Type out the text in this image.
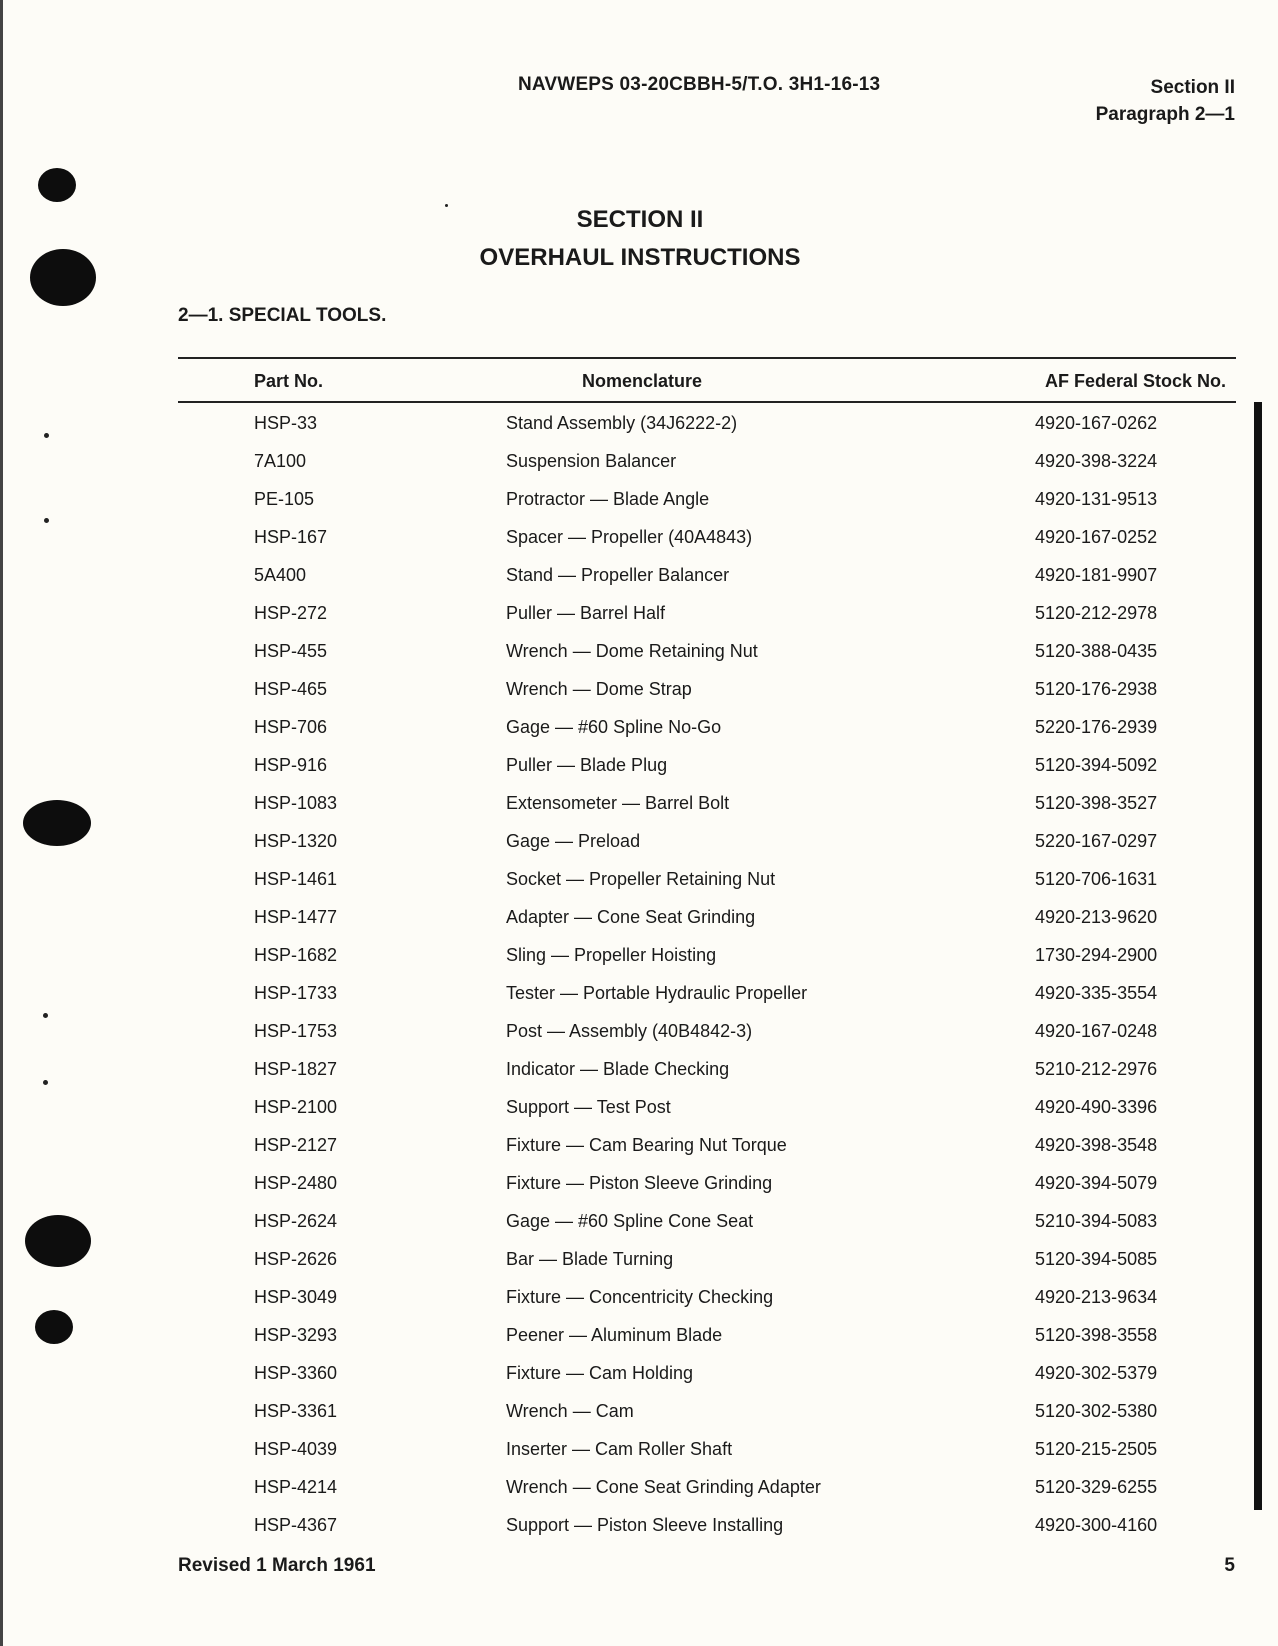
NAVWEPS 03-20CBBH-5/T.O. 3H1-16-13	Section II
Paragraph 2—1
SECTION II
OVERHAUL INSTRUCTIONS
2—1. SPECIAL TOOLS.
Part No.	Nomenclature	AF Federal Stock No.
HSP-33	Stand Assembly (34J6222-2)	4920-167-0262
7A100	Suspension Balancer	4920-398-3224
PE-105	Protractor — Blade Angle	4920-131-9513
HSP-167	Spacer — Propeller (40A4843)	4920-167-0252
5A400	Stand — Propeller Balancer	4920-181-9907
HSP-272	Puller — Barrel Half	5120-212-2978
HSP-455	Wrench — Dome Retaining Nut	5120-388-0435
HSP-465	Wrench — Dome Strap	5120-176-2938
HSP-706	Gage — #60 Spline No-Go	5220-176-2939
HSP-916	Puller — Blade Plug	5120-394-5092
HSP-1083	Extensometer — Barrel Bolt	5120-398-3527
HSP-1320	Gage — Preload	5220-167-0297
HSP-1461	Socket — Propeller Retaining Nut	5120-706-1631
HSP-1477	Adapter — Cone Seat Grinding	4920-213-9620
HSP-1682	Sling — Propeller Hoisting	1730-294-2900
HSP-1733	Tester — Portable Hydraulic Propeller	4920-335-3554
HSP-1753	Post — Assembly (40B4842-3)	4920-167-0248
HSP-1827	Indicator — Blade Checking	5210-212-2976
HSP-2100	Support — Test Post	4920-490-3396
HSP-2127	Fixture — Cam Bearing Nut Torque	4920-398-3548
HSP-2480	Fixture — Piston Sleeve Grinding	4920-394-5079
HSP-2624	Gage — #60 Spline Cone Seat	5210-394-5083
HSP-2626	Bar — Blade Turning	5120-394-5085
HSP-3049	Fixture — Concentricity Checking	4920-213-9634
HSP-3293	Peener — Aluminum Blade	5120-398-3558
HSP-3360	Fixture — Cam Holding	4920-302-5379
HSP-3361	Wrench — Cam	5120-302-5380
HSP-4039	Inserter — Cam Roller Shaft	5120-215-2505
HSP-4214	Wrench — Cone Seat Grinding Adapter	5120-329-6255
HSP-4367	Support — Piston Sleeve Installing	4920-300-4160
Revised 1 March 1961	5
